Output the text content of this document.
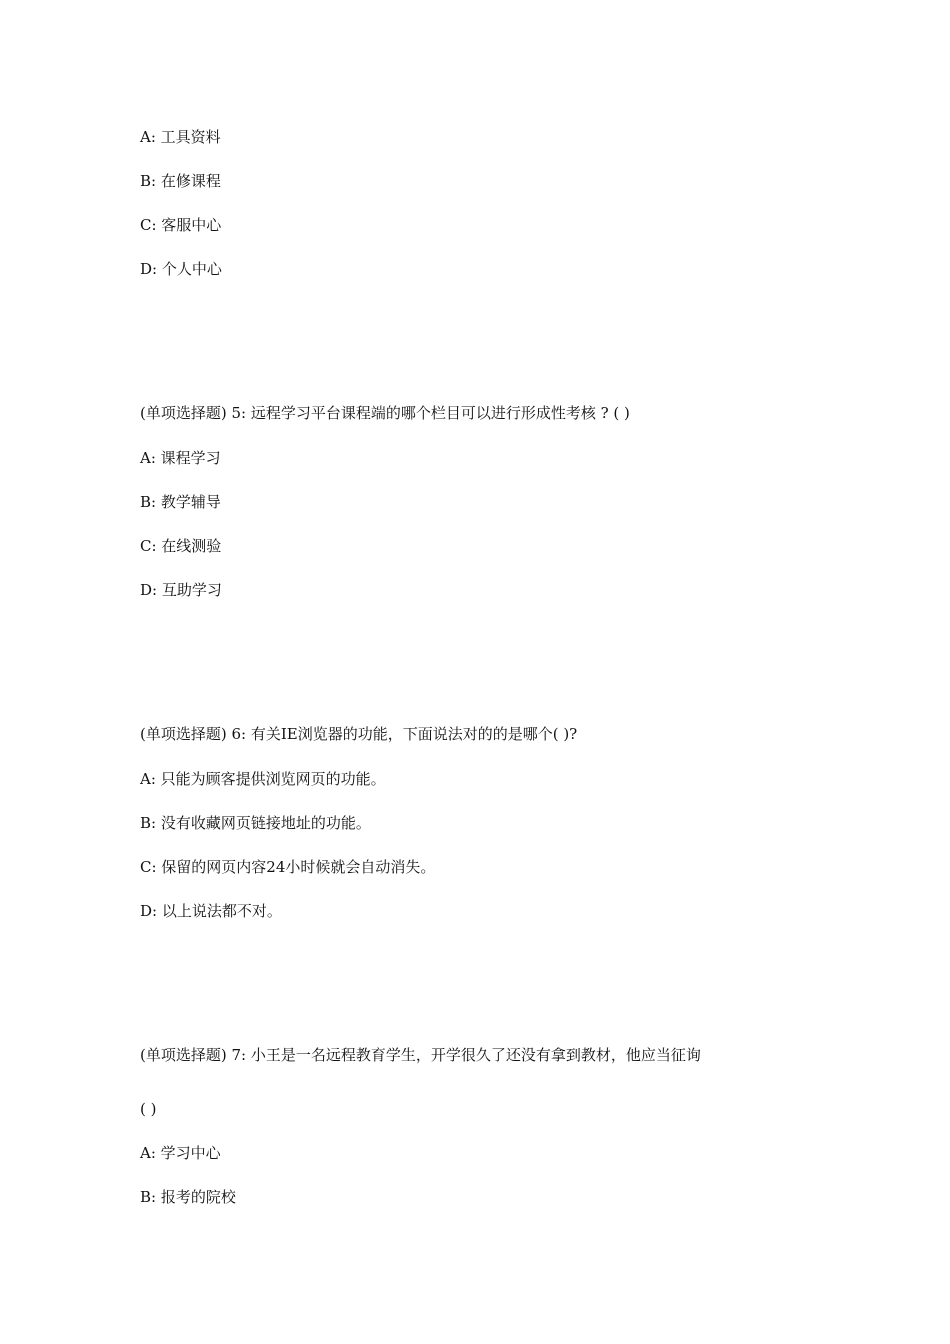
A: 工具资料
B: 在修课程
C: 客服中心
D: 个人中心
(单项选择题) 5: 远程学习平台课程端的哪个栏目可以进行形成性考核 ? ( )
A: 课程学习
B: 教学辅导
C: 在线测验
D: 互助学习
(单项选择题) 6: 有关IE浏览器的功能，下面说法对的的是哪个( )?
A: 只能为顾客提供浏览网页的功能。
B: 没有收藏网页链接地址的功能。
C: 保留的网页内容24小时候就会自动消失。
D: 以上说法都不对。
(单项选择题) 7: 小王是一名远程教育学生，开学很久了还没有拿到教材，他应当征询
( )
A: 学习中心
B: 报考的院校
